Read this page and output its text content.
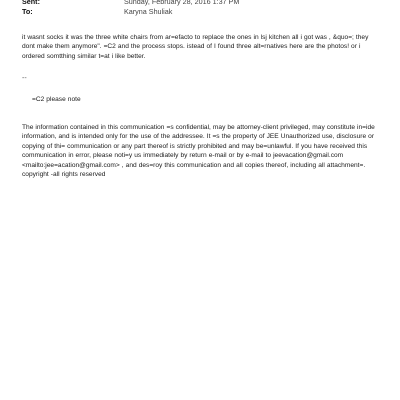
Sent:	Sunday, February 28, 2016 1:37 PM
To:	Karyna Shuliak

it wasnt socks it was the three white chairs from ar=efacto to replace the ones in lsj kitchen all i got was , &quo=; they dont make them anymore". =C2 and the process stops. istead of I found three alt=rnatives here are the photos! or i ordered somtthing similar t=at i like better.

--

=C2 please note

The information contained in this communication =s confidential, may be attorney-client privileged, may constitute in=ide information, and is intended only for the use of the addressee. It =s the property of JEE Unauthorized use, disclosure or copying of thi= communication or any part thereof is strictly prohibited and may be=unlawful. If you have received this communication in error, please noti=y us immediately by return e-mail or by e-mail to jeevacation@gmail.com <mailto:jee=acation@gmail.com> , and des=roy this communication and all copies thereof, including all attachment=. copyright -all rights reserved
